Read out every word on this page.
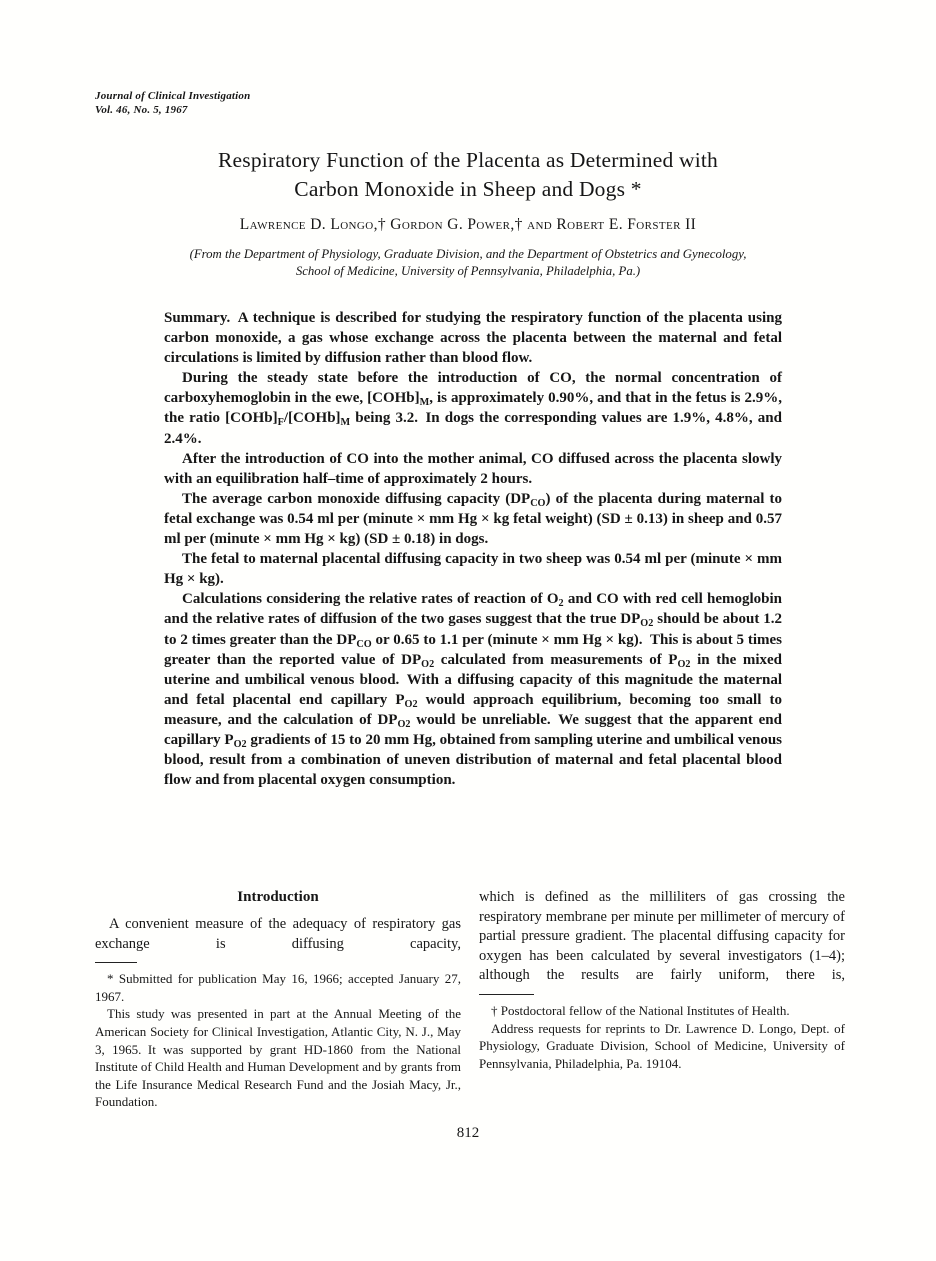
Journal of Clinical Investigation
Vol. 46, No. 5, 1967
Respiratory Function of the Placenta as Determined with
Carbon Monoxide in Sheep and Dogs *
Lawrence D. Longo,† Gordon G. Power,† and Robert E. Forster II
(From the Department of Physiology, Graduate Division, and the Department of Obstetrics and Gynecology,
School of Medicine, University of Pennsylvania, Philadelphia, Pa.)

Summary. A technique is described for studying the respiratory function of the placenta using carbon monoxide, a gas whose exchange across the placenta between the maternal and fetal circulations is limited by diffusion rather than blood flow.

During the steady state before the introduction of CO, the normal concentration of carboxyhemoglobin in the ewe, $[COHb]_M$, is approximately 0.90%, and that in the fetus is 2.9%, the ratio $[COHb]_F/[COHb]_M$ being 3.2. In dogs the corresponding values are 1.9%, 4.8%, and 2.4%.

After the introduction of CO into the mother animal, CO diffused across the placenta slowly with an equilibration half–time of approximately 2 hours.

The average carbon monoxide diffusing capacity $(DP_{CO})$ of the placenta during maternal to fetal exchange was 0.54 ml per (minute × mm Hg × kg fetal weight) (SD ± 0.13) in sheep and 0.57 ml per (minute × mm Hg × kg) (SD ± 0.18) in dogs.

The fetal to maternal placental diffusing capacity in two sheep was 0.54 ml per (minute × mm Hg × kg).

Calculations considering the relative rates of reaction of $O_2$ and CO with red cell hemoglobin and the relative rates of diffusion of the two gases suggest that the true $DP_{O2}$ should be about 1.2 to 2 times greater than the $DP_{CO}$ or 0.65 to 1.1 per (minute × mm Hg × kg). This is about 5 times greater than the reported value of $DP_{O2}$ calculated from measurements of $P_{O2}$ in the mixed uterine and umbilical venous blood. With a diffusing capacity of this magnitude the maternal and fetal placental end capillary $P_{O2}$ would approach equilibrium, becoming too small to measure, and the calculation of $DP_{O2}$ would be unreliable. We suggest that the apparent end capillary $P_{O2}$ gradients of 15 to 20 mm Hg, obtained from sampling uterine and umbilical venous blood, result from a combination of uneven distribution of maternal and fetal placental blood flow and from placental oxygen consumption.

Introduction

A convenient measure of the adequacy of respiratory gas exchange is diffusing capacity,

* Submitted for publication May 16, 1966; accepted January 27, 1967.

This study was presented in part at the Annual Meeting of the American Society for Clinical Investigation, Atlantic City, N. J., May 3, 1965. It was supported by grant HD-1860 from the National Institute of Child Health and Human Development and by grants from the Life Insurance Medical Research Fund and the Josiah Macy, Jr., Foundation.

which is defined as the milliliters of gas crossing the respiratory membrane per minute per millimeter of mercury of partial pressure gradient. The placental diffusing capacity for oxygen has been calculated by several investigators (1–4); although the results are fairly uniform, there is,

† Postdoctoral fellow of the National Institutes of Health.

Address requests for reprints to Dr. Lawrence D. Longo, Dept. of Physiology, Graduate Division, School of Medicine, University of Pennsylvania, Philadelphia, Pa. 19104.

812
